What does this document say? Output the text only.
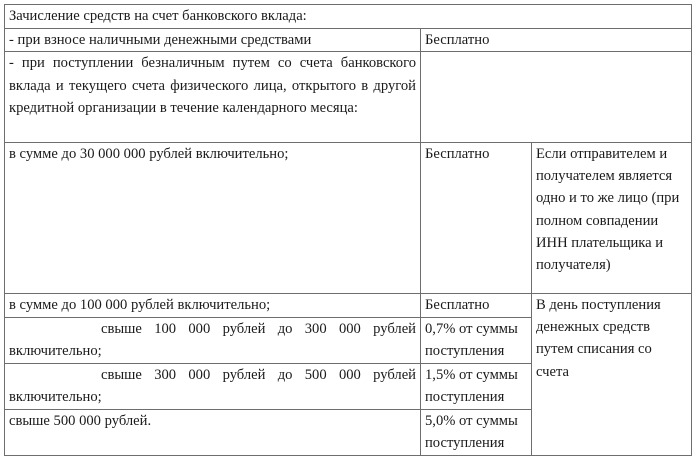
Зачисление средств на счет банковского вклада:		
- при взносе наличными денежными средствами	Бесплатно	
- при поступлении безналичным путем со счета банковского вклада и текущего счета физического лица, открытого в другой кредитной организации в течение календарного месяца:		
в сумме до 30 000 000 рублей включительно;	Бесплатно	Если отправителем и получателем является одно и то же лицо (при полном совпадении ИНН плательщика и получателя)
в сумме до 100 000 рублей включительно;	Бесплатно	В день поступления денежных средств путем списания со счета
свыше 100 000 рублей до 300 000 рублей включительно;	0,7% от суммы поступления	
свыше 300 000 рублей до 500 000 рублей включительно;	1,5% от суммы поступления	
свыше 500 000 рублей.	5,0% от суммы поступления	
